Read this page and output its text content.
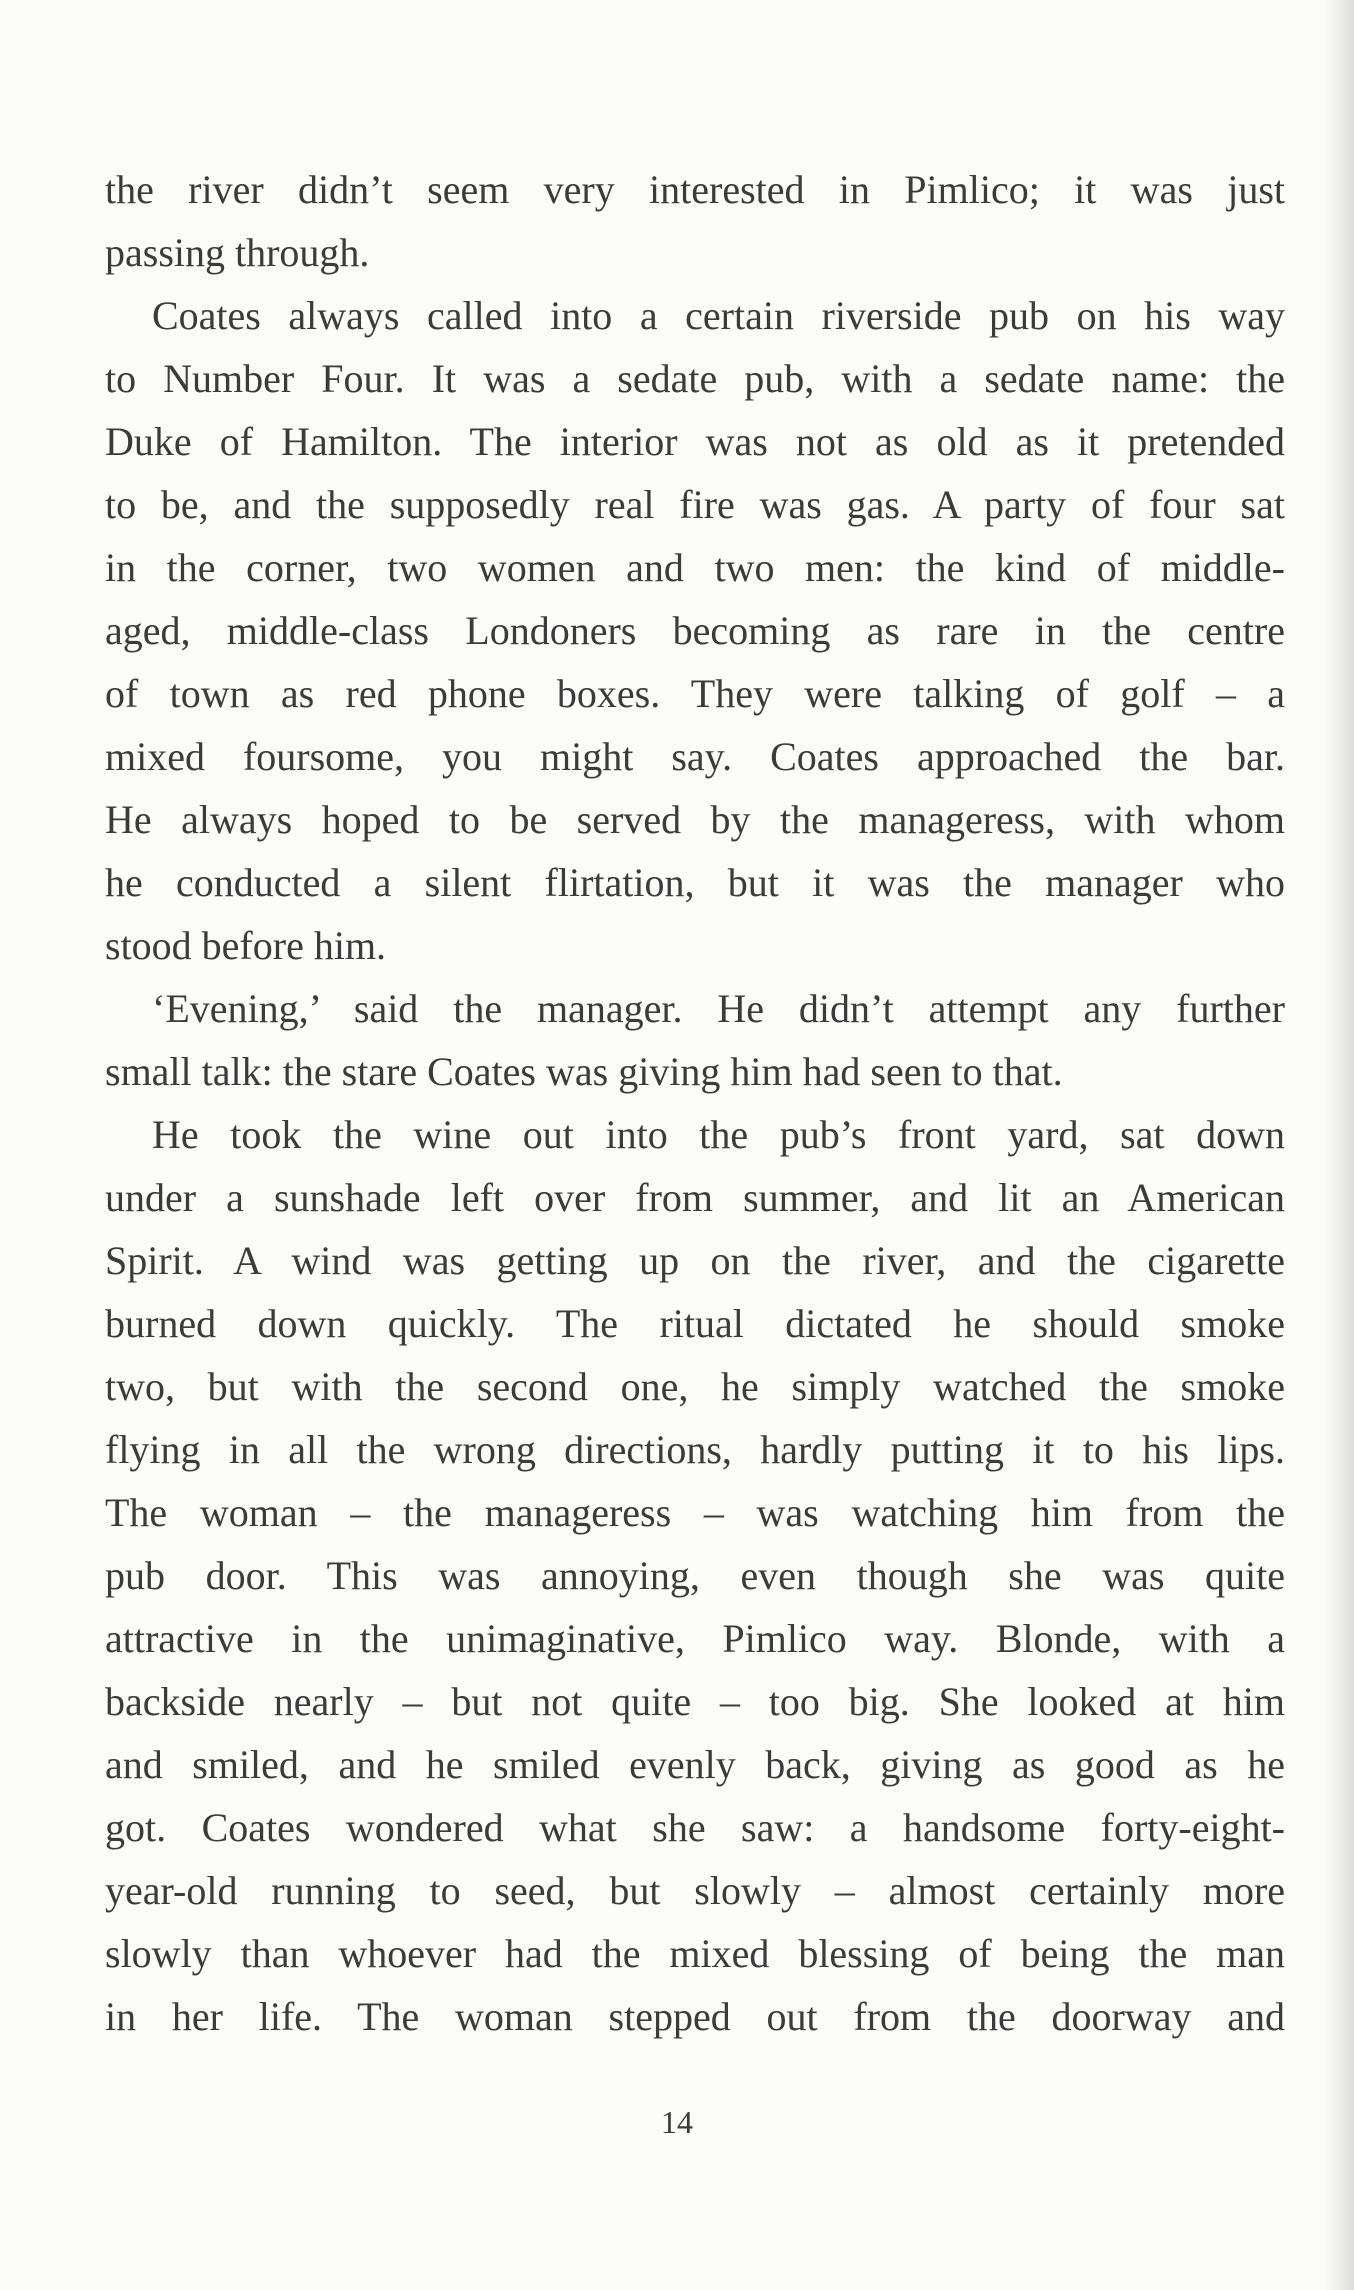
the river didn’t seem very interested in Pimlico; it was just
passing through.
Coates always called into a certain riverside pub on his way
to Number Four. It was a sedate pub, with a sedate name: the
Duke of Hamilton. The interior was not as old as it pretended
to be, and the supposedly real fire was gas. A party of four sat
in the corner, two women and two men: the kind of middle-
aged, middle-class Londoners becoming as rare in the centre
of town as red phone boxes. They were talking of golf – a
mixed foursome, you might say. Coates approached the bar.
He always hoped to be served by the manageress, with whom
he conducted a silent flirtation, but it was the manager who
stood before him.
‘Evening,’ said the manager. He didn’t attempt any further
small talk: the stare Coates was giving him had seen to that.
He took the wine out into the pub’s front yard, sat down
under a sunshade left over from summer, and lit an American
Spirit. A wind was getting up on the river, and the cigarette
burned down quickly. The ritual dictated he should smoke
two, but with the second one, he simply watched the smoke
flying in all the wrong directions, hardly putting it to his lips.
The woman – the manageress – was watching him from the
pub door. This was annoying, even though she was quite
attractive in the unimaginative, Pimlico way. Blonde, with a
backside nearly – but not quite – too big. She looked at him
and smiled, and he smiled evenly back, giving as good as he
got. Coates wondered what she saw: a handsome forty-eight-
year-old running to seed, but slowly – almost certainly more
slowly than whoever had the mixed blessing of being the man
in her life. The woman stepped out from the doorway and
14
